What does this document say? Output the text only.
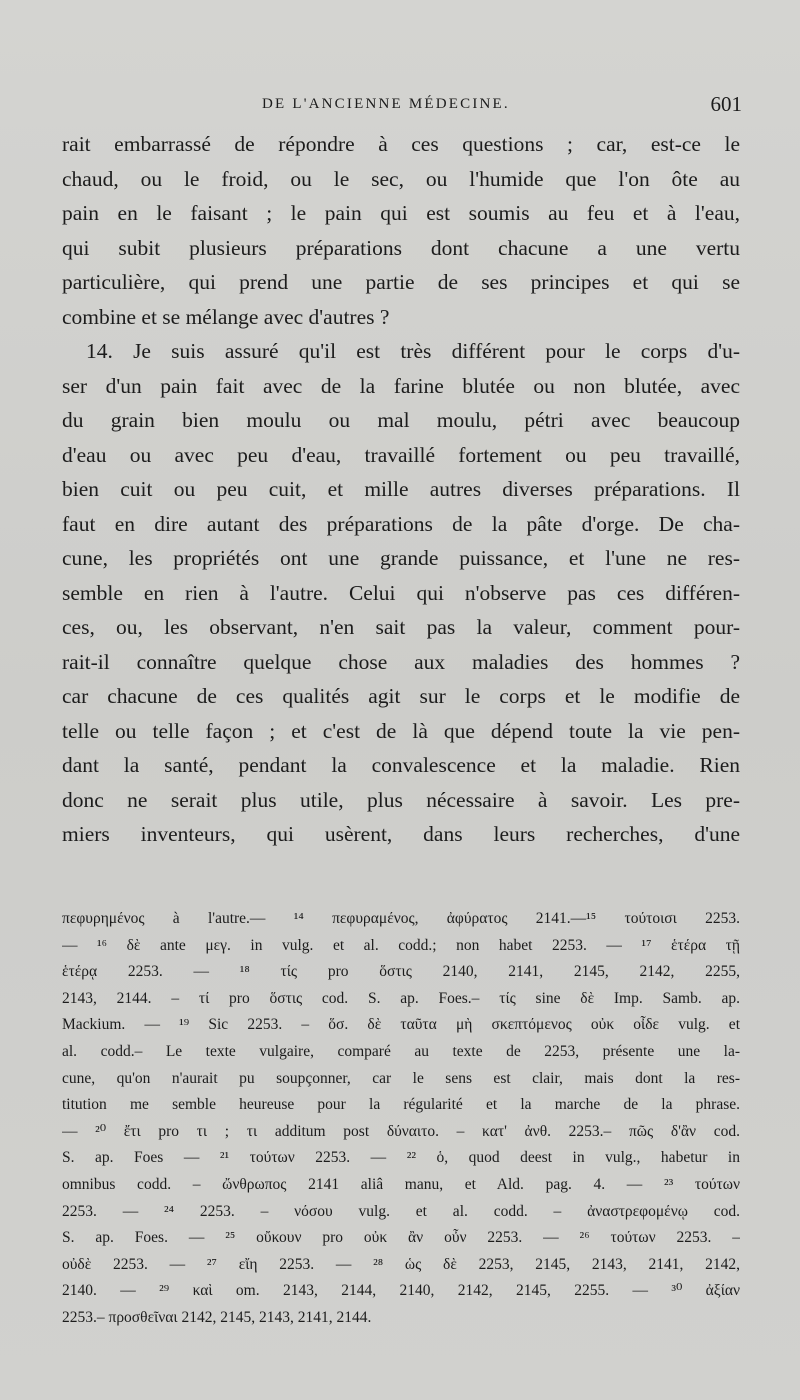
DE L'ANCIENNE MÉDECINE.	601
rait embarrassé de répondre à ces questions ; car, est-ce le
chaud, ou le froid, ou le sec, ou l'humide que l'on ôte au
pain en le faisant ; le pain qui est soumis au feu et à l'eau,
qui subit plusieurs préparations dont chacune a une vertu
particulière, qui prend une partie de ses principes et qui se
combine et se mélange avec d'autres ?
14. Je suis assuré qu'il est très différent pour le corps d'u-
ser d'un pain fait avec de la farine blutée ou non blutée, avec
du grain bien moulu ou mal moulu, pétri avec beaucoup
d'eau ou avec peu d'eau, travaillé fortement ou peu travaillé,
bien cuit ou peu cuit, et mille autres diverses préparations. Il
faut en dire autant des préparations de la pâte d'orge. De cha-
cune, les propriétés ont une grande puissance, et l'une ne res-
semble en rien à l'autre. Celui qui n'observe pas ces différen-
ces, ou, les observant, n'en sait pas la valeur, comment pour-
rait-il connaître quelque chose aux maladies des hommes ?
car chacune de ces qualités agit sur le corps et le modifie de
telle ou telle façon ; et c'est de là que dépend toute la vie pen-
dant la santé, pendant la convalescence et la maladie. Rien
donc ne serait plus utile, plus nécessaire à savoir. Les pre-
miers inventeurs, qui usèrent, dans leurs recherches, d'une
πεφυρημένος à l'autre.— ¹⁴ πεφυραμένος, ἀφύρατος 2141.—¹⁵ τούτοισι 2253.
— ¹⁶ δὲ ante μεγ. in vulg. et al. codd.; non habet 2253. — ¹⁷ ἑτέρα τῇ
ἑτέρᾳ 2253. — ¹⁸ τίς pro ὅστις 2140, 2141, 2145, 2142, 2255,
2143, 2144. – τί pro ὅστις cod. S. ap. Foes.– τίς sine δὲ Imp. Samb. ap.
Mackium. — ¹⁹ Sic 2253. – ὅσ. δὲ ταῦτα μὴ σκεπτόμενος οὐκ οἶδε vulg. et
al. codd.– Le texte vulgaire, comparé au texte de 2253, présente une la-
cune, qu'on n'aurait pu soupçonner, car le sens est clair, mais dont la res-
titution me semble heureuse pour la régularité et la marche de la phrase.
— ²⁰ ἔτι pro τι ; τι additum post δύναιτο. – κατ' ἀνθ. 2253.– πῶς δ'ἂν cod.
S. ap. Foes — ²¹ τούτων 2253. — ²² ὁ, quod deest in vulg., habetur in
omnibus codd. – ὤνθρωπος 2141 aliâ manu, et Ald. pag. 4. — ²³ τούτων
2253. — ²⁴ 2253. – νόσου vulg. et al. codd. – ἀναστρεφομένῳ cod.
S. ap. Foes. — ²⁵ οὔκουν pro οὐκ ἂν οὖν 2253. — ²⁶ τούτων 2253. –
οὐδὲ 2253. — ²⁷ εἴη 2253. — ²⁸ ὡς δὲ 2253, 2145, 2143, 2141, 2142,
2140. — ²⁹ καὶ om. 2143, 2144, 2140, 2142, 2145, 2255. — ³⁰ ἀξίαν
2253.– προσθεῖναι 2142, 2145, 2143, 2141, 2144.
